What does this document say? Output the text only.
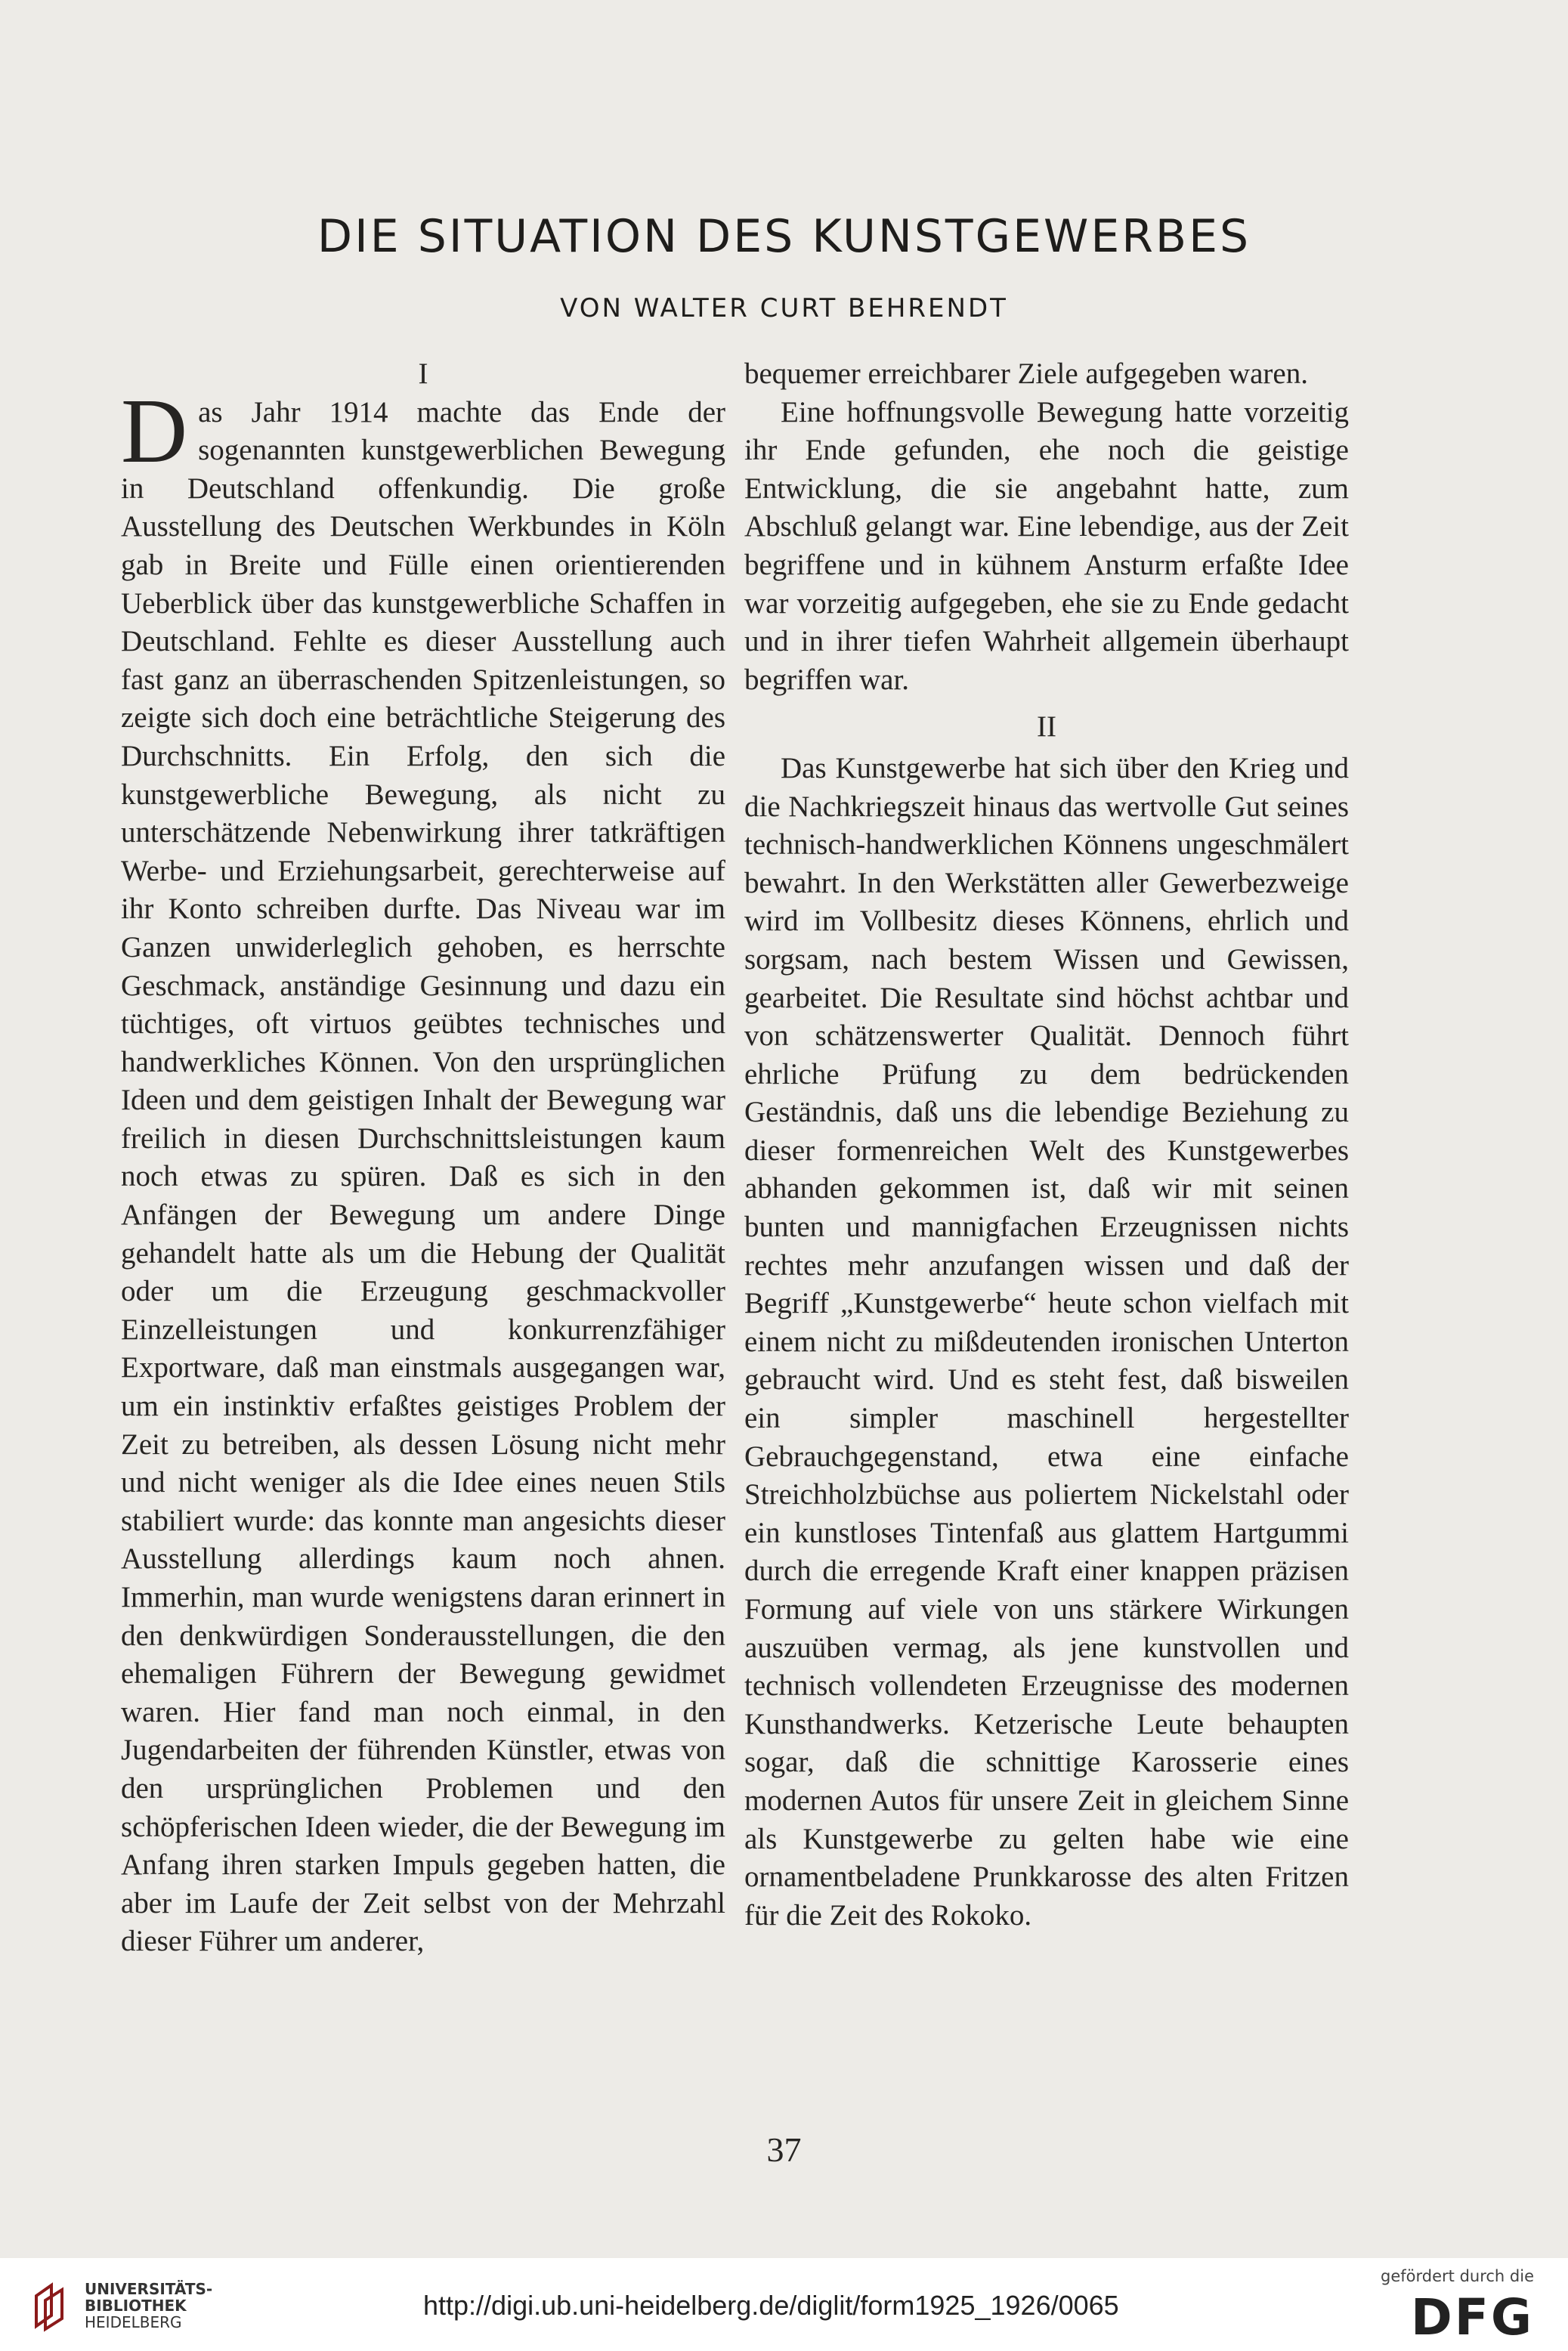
DIE SITUATION DES KUNSTGEWERBES
VON WALTER CURT BEHRENDT

I

Das Jahr 1914 machte das Ende der sogenannten kunstgewerblichen Bewegung in Deutschland offenkundig. Die große Ausstellung des Deutschen Werkbundes in Köln gab in Breite und Fülle einen orientierenden Ueberblick über das kunstgewerbliche Schaffen in Deutschland. Fehlte es dieser Ausstellung auch fast ganz an überraschenden Spitzenleistungen, so zeigte sich doch eine beträchtliche Steigerung des Durchschnitts. Ein Erfolg, den sich die kunstgewerbliche Bewegung, als nicht zu unterschätzende Nebenwirkung ihrer tatkräftigen Werbe- und Erziehungsarbeit, gerechterweise auf ihr Konto schreiben durfte. Das Niveau war im Ganzen unwiderleglich gehoben, es herrschte Geschmack, anständige Gesinnung und dazu ein tüchtiges, oft virtuos geübtes technisches und handwerkliches Können. Von den ursprünglichen Ideen und dem geistigen Inhalt der Bewegung war freilich in diesen Durchschnittsleistungen kaum noch etwas zu spüren. Daß es sich in den Anfängen der Bewegung um andere Dinge gehandelt hatte als um die Hebung der Qualität oder um die Erzeugung geschmackvoller Einzelleistungen und konkurrenzfähiger Exportware, daß man einstmals ausgegangen war, um ein instinktiv erfaßtes geistiges Problem der Zeit zu betreiben, als dessen Lösung nicht mehr und nicht weniger als die Idee eines neuen Stils stabiliert wurde: das konnte man angesichts dieser Ausstellung allerdings kaum noch ahnen. Immerhin, man wurde wenigstens daran erinnert in den denkwürdigen Sonderausstellungen, die den ehemaligen Führern der Bewegung gewidmet waren. Hier fand man noch einmal, in den Jugendarbeiten der führenden Künstler, etwas von den ursprünglichen Problemen und den schöpferischen Ideen wieder, die der Bewegung im Anfang ihren starken Impuls gegeben hatten, die aber im Laufe der Zeit selbst von der Mehrzahl dieser Führer um anderer,

bequemer erreichbarer Ziele aufgegeben waren.

Eine hoffnungsvolle Bewegung hatte vorzeitig ihr Ende gefunden, ehe noch die geistige Entwicklung, die sie angebahnt hatte, zum Abschluß gelangt war. Eine lebendige, aus der Zeit begriffene und in kühnem Ansturm erfaßte Idee war vorzeitig aufgegeben, ehe sie zu Ende gedacht und in ihrer tiefen Wahrheit allgemein überhaupt begriffen war.

II

Das Kunstgewerbe hat sich über den Krieg und die Nachkriegszeit hinaus das wertvolle Gut seines technisch-handwerklichen Könnens ungeschmälert bewahrt. In den Werkstätten aller Gewerbezweige wird im Vollbesitz dieses Könnens, ehrlich und sorgsam, nach bestem Wissen und Gewissen, gearbeitet. Die Resultate sind höchst achtbar und von schätzenswerter Qualität. Dennoch führt ehrliche Prüfung zu dem bedrückenden Geständnis, daß uns die lebendige Beziehung zu dieser formenreichen Welt des Kunstgewerbes abhanden gekommen ist, daß wir mit seinen bunten und mannigfachen Erzeugnissen nichts rechtes mehr anzufangen wissen und daß der Begriff „Kunstgewerbe“ heute schon vielfach mit einem nicht zu mißdeutenden ironischen Unterton gebraucht wird. Und es steht fest, daß bisweilen ein simpler maschinell hergestellter Gebrauchgegenstand, etwa eine einfache Streichholzbüchse aus poliertem Nickelstahl oder ein kunstloses Tintenfaß aus glattem Hartgummi durch die erregende Kraft einer knappen präzisen Formung auf viele von uns stärkere Wirkungen auszuüben vermag, als jene kunstvollen und technisch vollendeten Erzeugnisse des modernen Kunsthandwerks. Ketzerische Leute behaupten sogar, daß die schnittige Karosserie eines modernen Autos für unsere Zeit in gleichem Sinne als Kunstgewerbe zu gelten habe wie eine ornamentbeladene Prunkkarosse des alten Fritzen für die Zeit des Rokoko.

37
UNIVERSITÄTS-
BIBLIOTHEK
HEIDELBERG
http://digi.ub.uni-heidelberg.de/diglit/form1925_1926/0065
gefördert durch die
DFG
